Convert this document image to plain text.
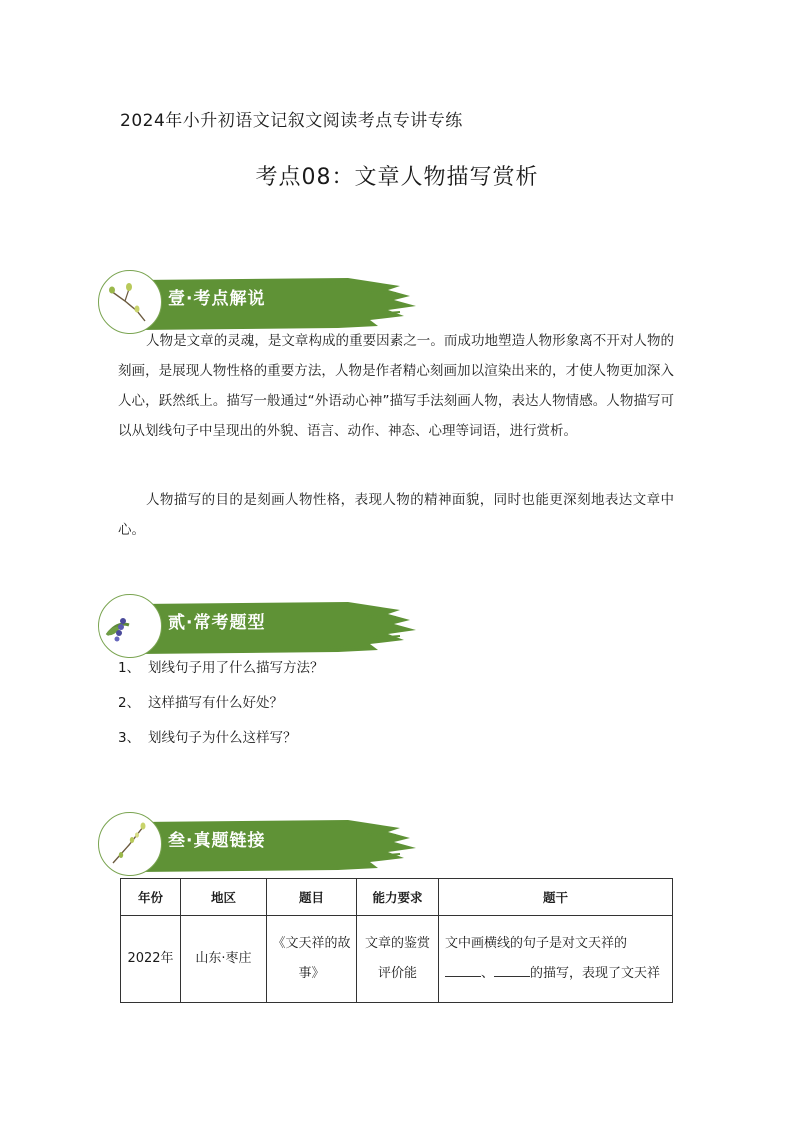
2024年小升初语文记叙文阅读考点专讲专练
考点08：文章人物描写赏析
壹·考点解说
人物是文章的灵魂，是文章构成的重要因素之一。而成功地塑造人物形象离不开对人物的刻画，是展现人物性格的重要方法，人物是作者精心刻画加以渲染出来的，才使人物更加深入人心，跃然纸上。描写一般通过“外语动心神”描写手法刻画人物，表达人物情感。人物描写可以从划线句子中呈现出的外貌、语言、动作、神态、心理等词语，进行赏析。
人物描写的目的是刻画人物性格，表现人物的精神面貌，同时也能更深刻地表达文章中心。
贰·常考题型
1、 划线句子用了什么描写方法？
2、 这样描写有什么好处？
3、 划线句子为什么这样写？
叁·真题链接
年份	地区	题目	能力要求	题干
2022年	山东·枣庄	《文天祥的故事》	文章的鉴赏评价能	文中画横线的句子是对文天祥的
、 的描写，表现了文天祥
